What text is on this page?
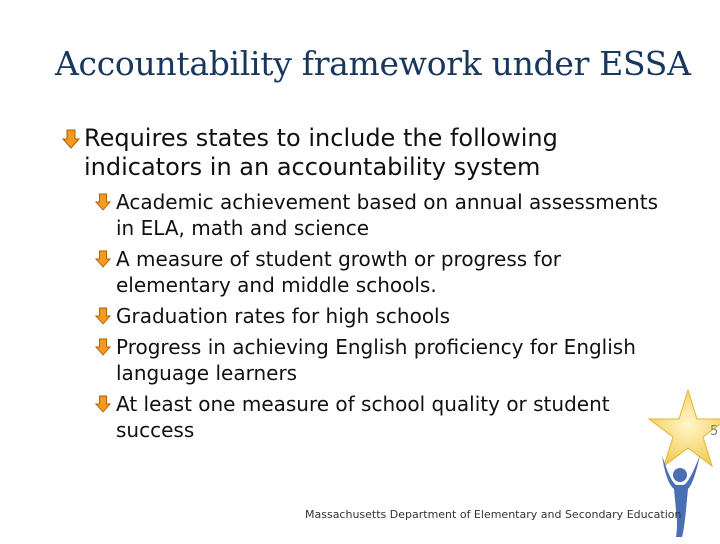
Accountability framework under ESSA
Requires states to include the following indicators in an accountability system
Academic achievement based on annual assessments in ELA, math and science
A measure of student growth or progress for elementary and middle schools.
Graduation rates for high schools
Progress in achieving English proficiency for English language learners
At least one measure of school quality or student success	5
Massachusetts Department of Elementary and Secondary Education
